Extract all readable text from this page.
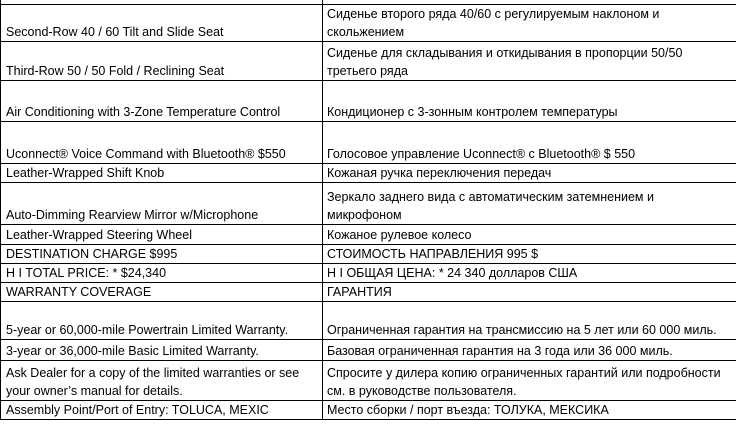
Second-Row 40 / 60 Tilt and Slide Seat	Сиденье второго ряда 40/60 с регулируемым наклоном и скольжением
Third-Row 50 / 50 Fold / Reclining Seat	Сиденье для складывания и откидывания в пропорции 50/50 третьего ряда
Air Conditioning with 3-Zone Temperature Control	Кондиционер с 3-зонным контролем температуры
Uconnect® Voice Command with Bluetooth® $550	Голосовое управление Uconnect® с Bluetooth® $ 550
Leather-Wrapped Shift Knob	Кожаная ручка переключения передач
Auto-Dimming Rearview Mirror w/Microphone	Зеркало заднего вида с автоматическим затемнением и микрофоном
Leather-Wrapped Steering Wheel	Кожаное рулевое колесо
DESTINATION CHARGE $995	СТОИМОСТЬ НАПРАВЛЕНИЯ 995 $
H I TOTAL PRICE: * $24,340	Н I ОБЩАЯ ЦЕНА: * 24 340 долларов США
WARRANTY COVERAGE	ГАРАНТИЯ
5-year or 60,000-mile Powertrain Limited Warranty.	Ограниченная гарантия на трансмиссию на 5 лет или 60 000 миль.
3-year or 36,000-mile Basic Limited Warranty.	Базовая ограниченная гарантия на 3 года или 36 000 миль.
Ask Dealer for a copy of the limited warranties or see your owner’s manual for details.	Спросите у дилера копию ограниченных гарантий или подробности см. в руководстве пользователя.
Assembly Point/Port of Entry: TOLUCA, MEXIC	Место сборки / порт въезда: ТОЛУКА, МЕКСИКА
